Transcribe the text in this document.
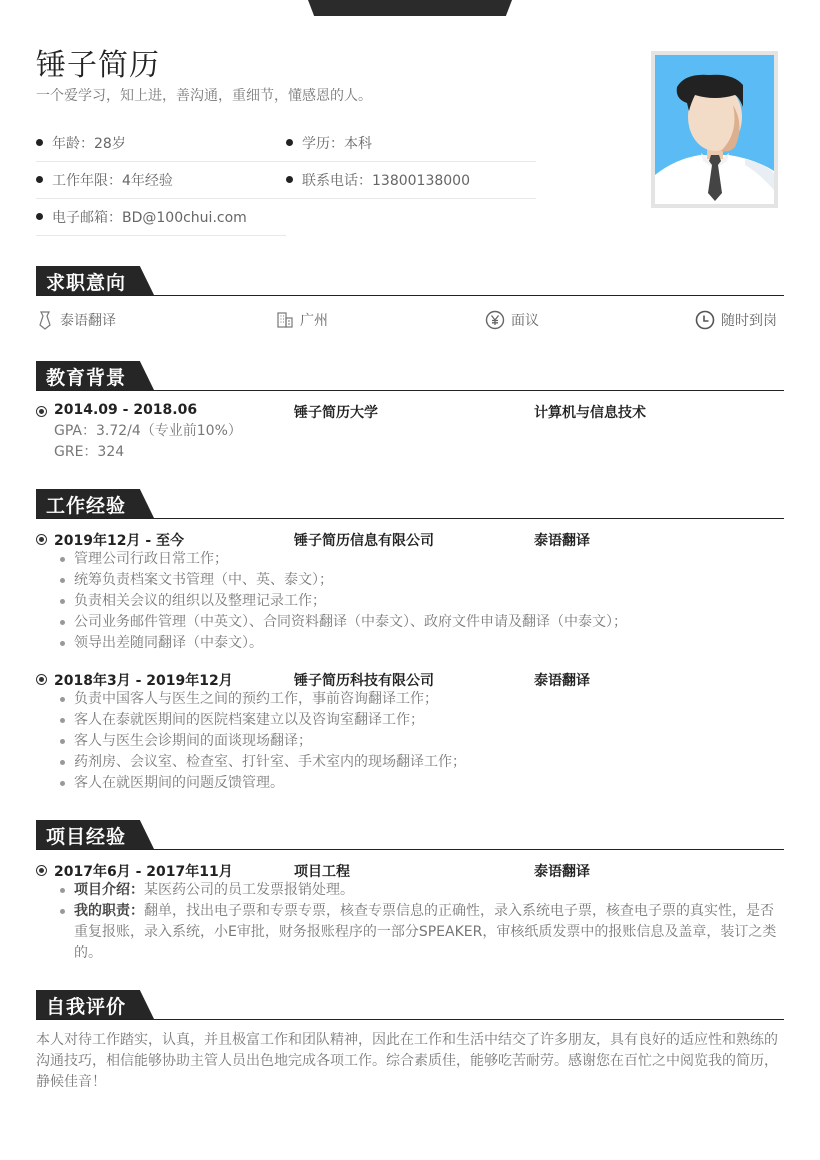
锤子简历
一个爱学习，知上进，善沟通，重细节，懂感恩的人。
年龄：28岁	学历：本科
工作年限：4年经验	联系电话：13800138000
电子邮箱：BD@100chui.com
求职意向
泰语翻译	广州	面议	随时到岗
教育背景
2014.09 - 2018.06	锤子简历大学	计算机与信息技术
GPA：3.72/4（专业前10%）
GRE：324
工作经验
2019年12月 - 至今	锤子简历信息有限公司	泰语翻译
管理公司行政日常工作；
统筹负责档案文书管理（中、英、泰文）；
负责相关会议的组织以及整理记录工作；
公司业务邮件管理（中英文）、合同资料翻译（中泰文）、政府文件申请及翻译（中泰文）；
领导出差随同翻译（中泰文）。
2018年3月 - 2019年12月	锤子简历科技有限公司	泰语翻译
负责中国客人与医生之间的预约工作，事前咨询翻译工作；
客人在泰就医期间的医院档案建立以及咨询室翻译工作；
客人与医生会诊期间的面谈现场翻译；
药剂房、会议室、检查室、打针室、手术室内的现场翻译工作；
客人在就医期间的问题反馈管理。
项目经验
2017年6月 - 2017年11月	项目工程	泰语翻译
项目介绍：某医药公司的员工发票报销处理。
我的职责：翻单，找出电子票和专票专票，核查专票信息的正确性，录入系统电子票，核查电子票的真实性，是否重复报账，录入系统，小E审批，财务报账程序的一部分SPEAKER，审核纸质发票中的报账信息及盖章，装订之类的。
自我评价
本人对待工作踏实，认真，并且极富工作和团队精神，因此在工作和生活中结交了许多朋友，具有良好的适应性和熟练的沟通技巧，相信能够协助主管人员出色地完成各项工作。综合素质佳，能够吃苦耐劳。感谢您在百忙之中阅览我的简历，静候佳音！
